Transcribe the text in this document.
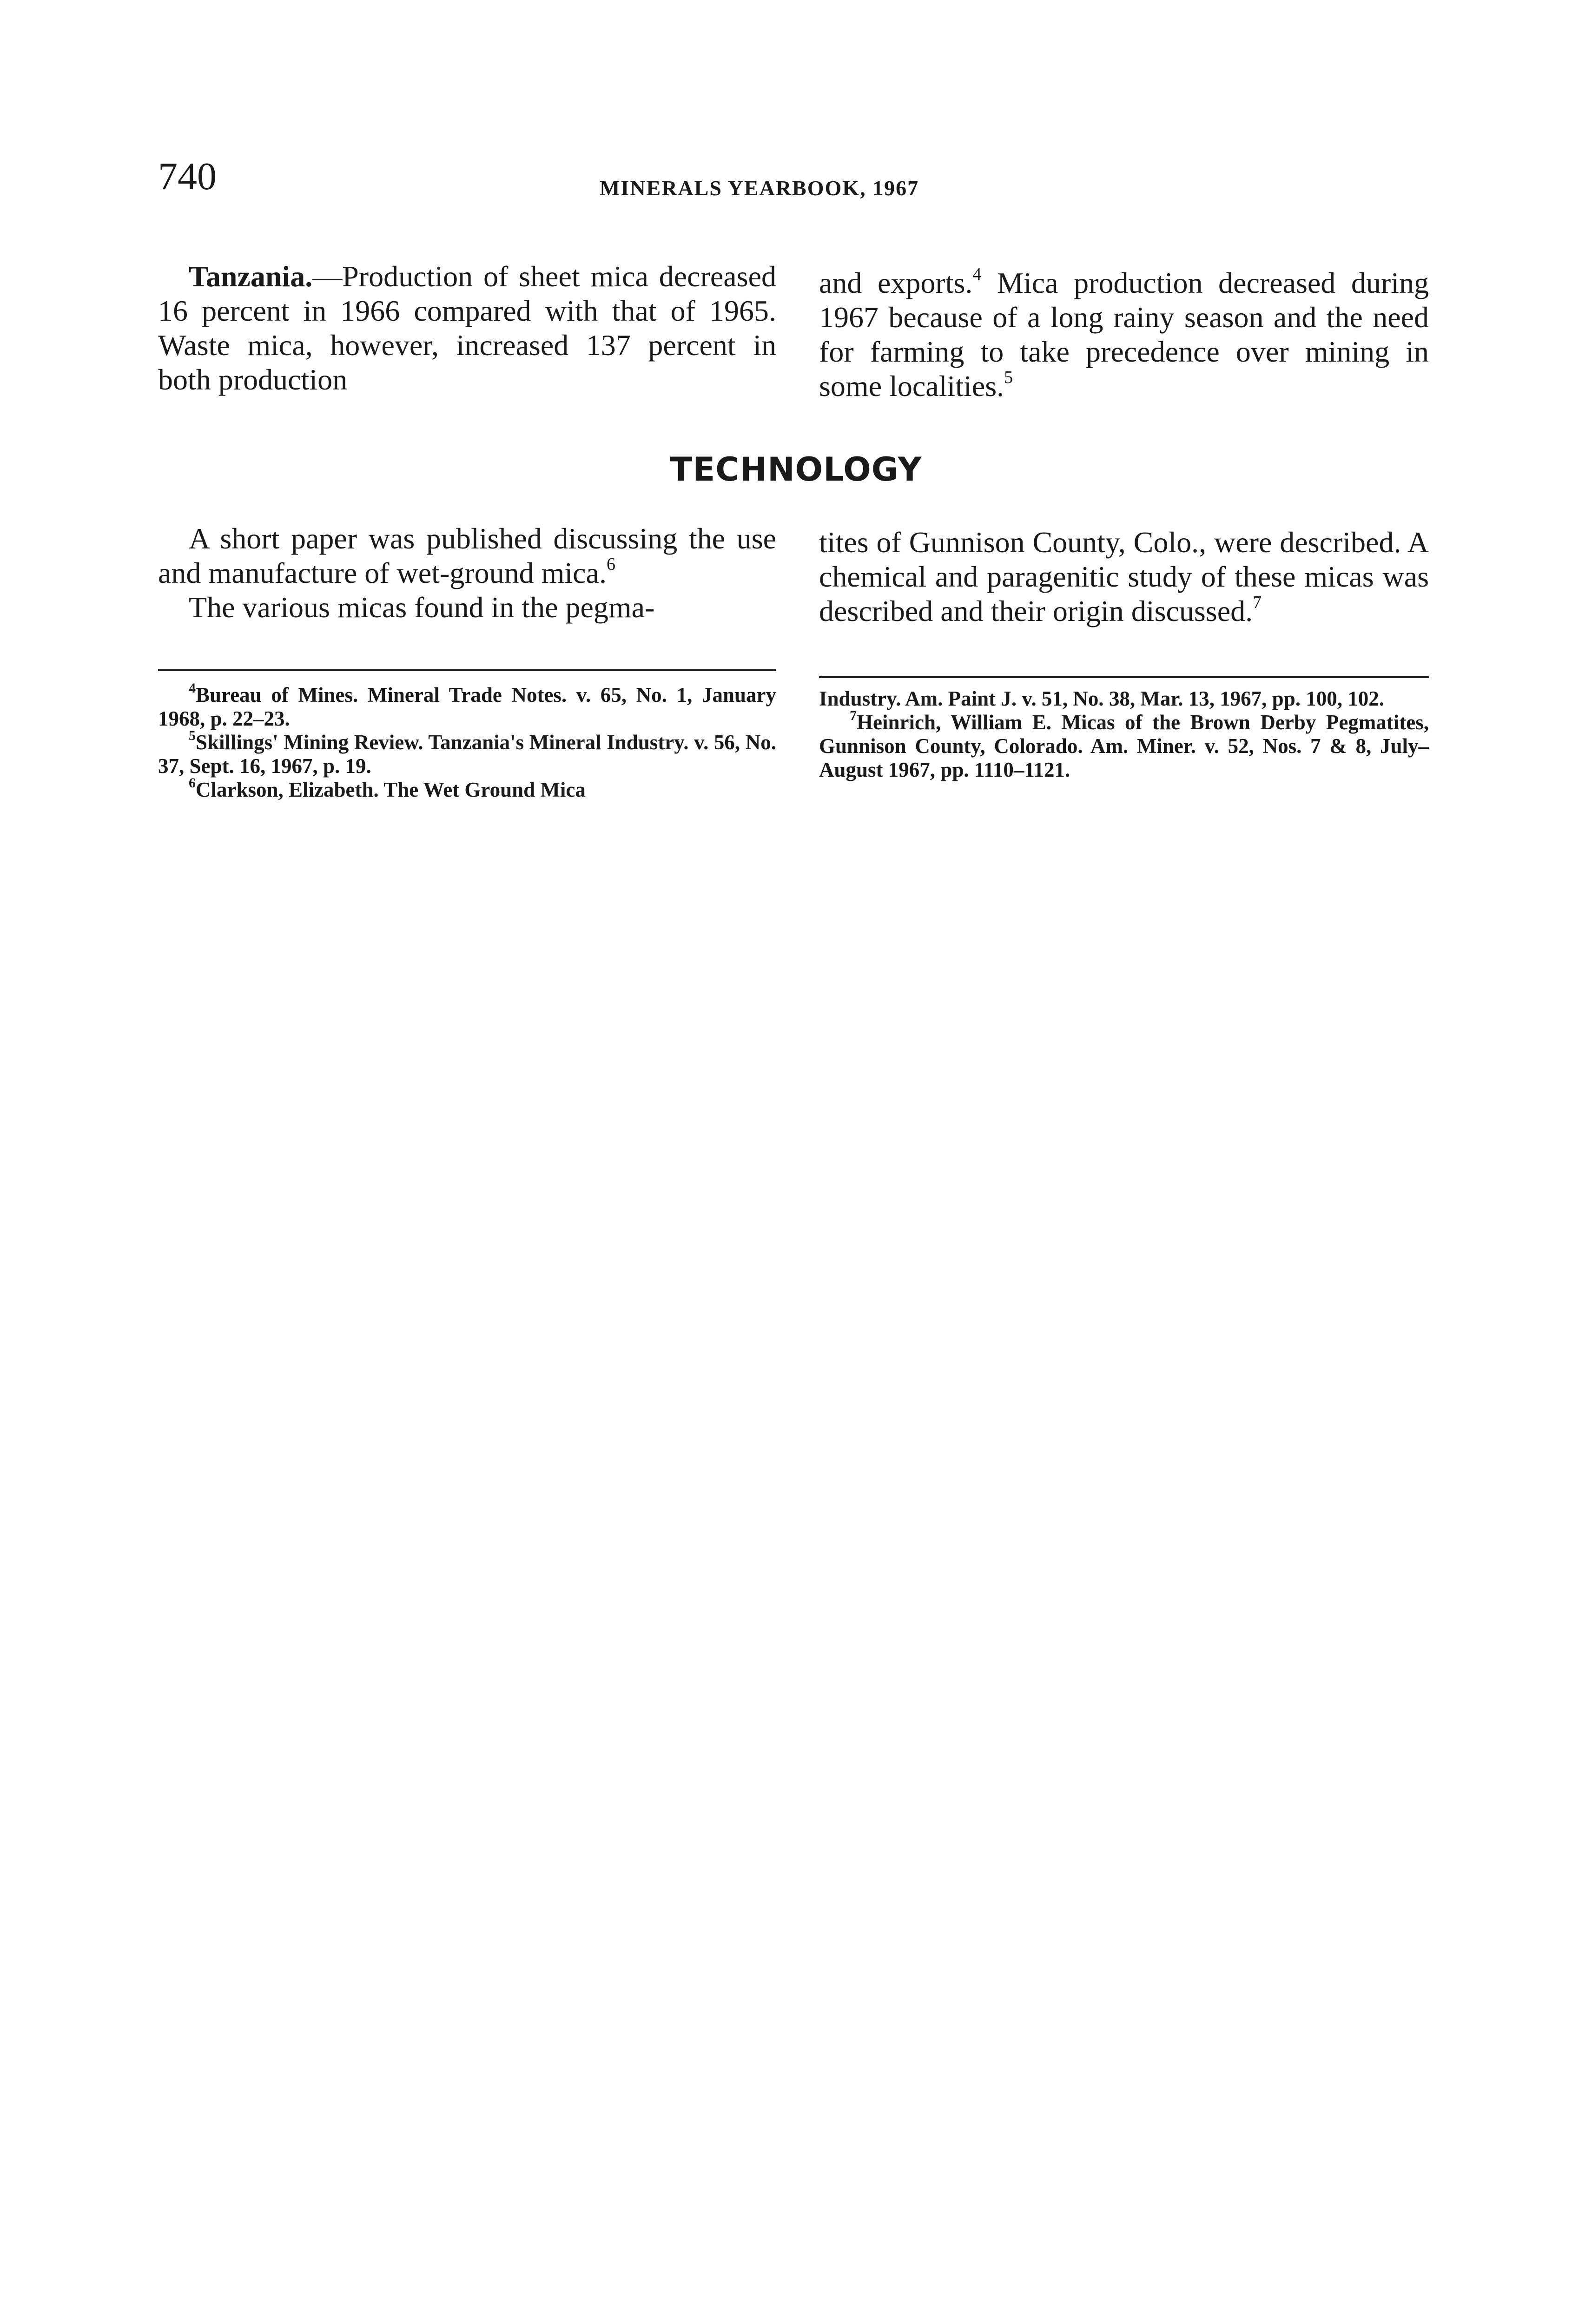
740	MINERALS YEARBOOK, 1967

Tanzania.—Production of sheet mica decreased 16 percent in 1966 compared with that of 1965. Waste mica, however, increased 137 percent in both production

and exports.$^4$ Mica production decreased during 1967 because of a long rainy season and the need for farming to take precedence over mining in some localities.$^5$

TECHNOLOGY

A short paper was published discussing the use and manufacture of wet-ground mica.$^6$

The various micas found in the pegma-

tites of Gunnison County, Colo., were described. A chemical and paragenitic study of these micas was described and their origin discussed.$^7$

$^4$Bureau of Mines. Mineral Trade Notes. v. 65, No. 1, January 1968, p. 22–23.

$^5$Skillings' Mining Review. Tanzania's Mineral Industry. v. 56, No. 37, Sept. 16, 1967, p. 19.

$^6$Clarkson, Elizabeth. The Wet Ground Mica

Industry. Am. Paint J. v. 51, No. 38, Mar. 13, 1967, pp. 100, 102.

$^7$Heinrich, William E. Micas of the Brown Derby Pegmatites, Gunnison County, Colorado. Am. Miner. v. 52, Nos. 7 & 8, July–August 1967, pp. 1110–1121.
